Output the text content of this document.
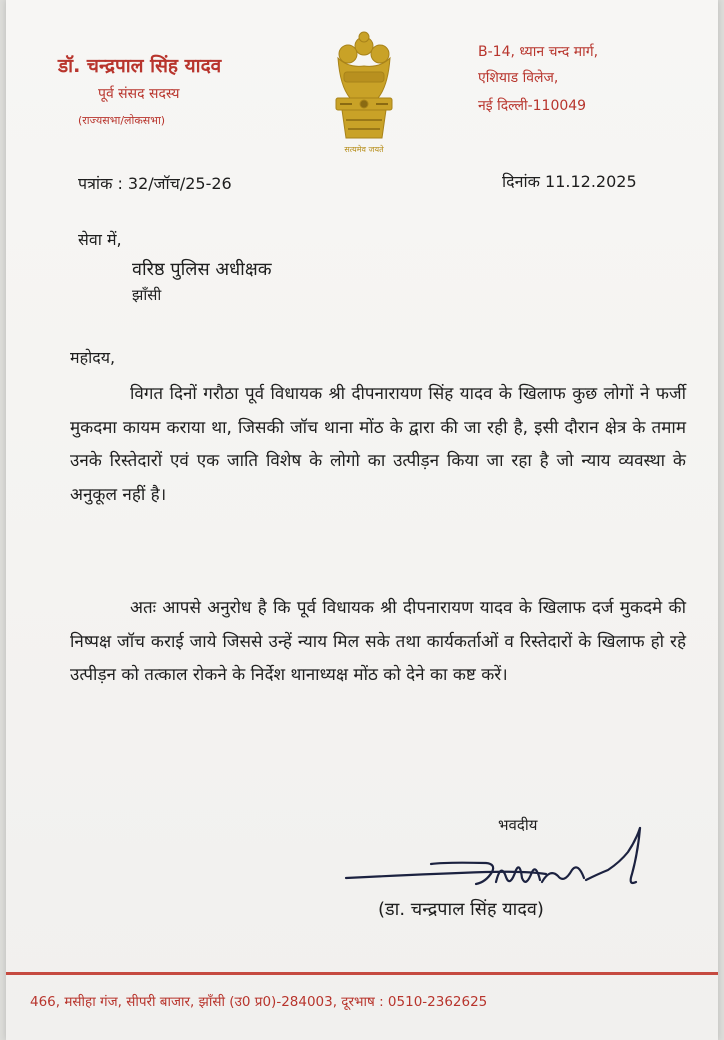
डॉ. चन्द्रपाल सिंह यादव
पूर्व संसद सदस्य
(राज्यसभा/लोकसभा)
सत्यमेव जयते
B-14, ध्यान चन्द मार्ग,
एशियाड विलेज,
नई दिल्ली-110049
पत्रांक : 32/जॉच/25-26	दिनांक 11.12.2025
सेवा में,
वरिष्ठ पुलिस अधीक्षक
झाँसी
महोदय,

विगत दिनों गरौठा पूर्व विधायक श्री दीपनारायण सिंह यादव के खिलाफ कुछ लोगों ने फर्जी मुकदमा कायम कराया था, जिसकी जॉच थाना मोंठ के द्वारा की जा रही है, इसी दौरान क्षेत्र के तमाम उनके रिस्तेदारों एवं एक जाति विशेष के लोगो का उत्पीड़न किया जा रहा है जो न्याय व्यवस्था के अनुकूल नहीं है।

अतः आपसे अनुरोध है कि पूर्व विधायक श्री दीपनारायण यादव के खिलाफ दर्ज मुकदमे की निष्पक्ष जॉच कराई जाये जिससे उन्हें न्याय मिल सके तथा कार्यकर्ताओं व रिस्तेदारों के खिलाफ हो रहे उत्पीड़न को तत्काल रोकने के निर्देश थानाध्यक्ष मोंठ को देने का कष्ट करें।

भवदीय
(डा. चन्द्रपाल सिंह यादव)
466, मसीहा गंज, सीपरी बाजार, झाँसी (उ0 प्र0)-284003, दूरभाष : 0510-2362625
